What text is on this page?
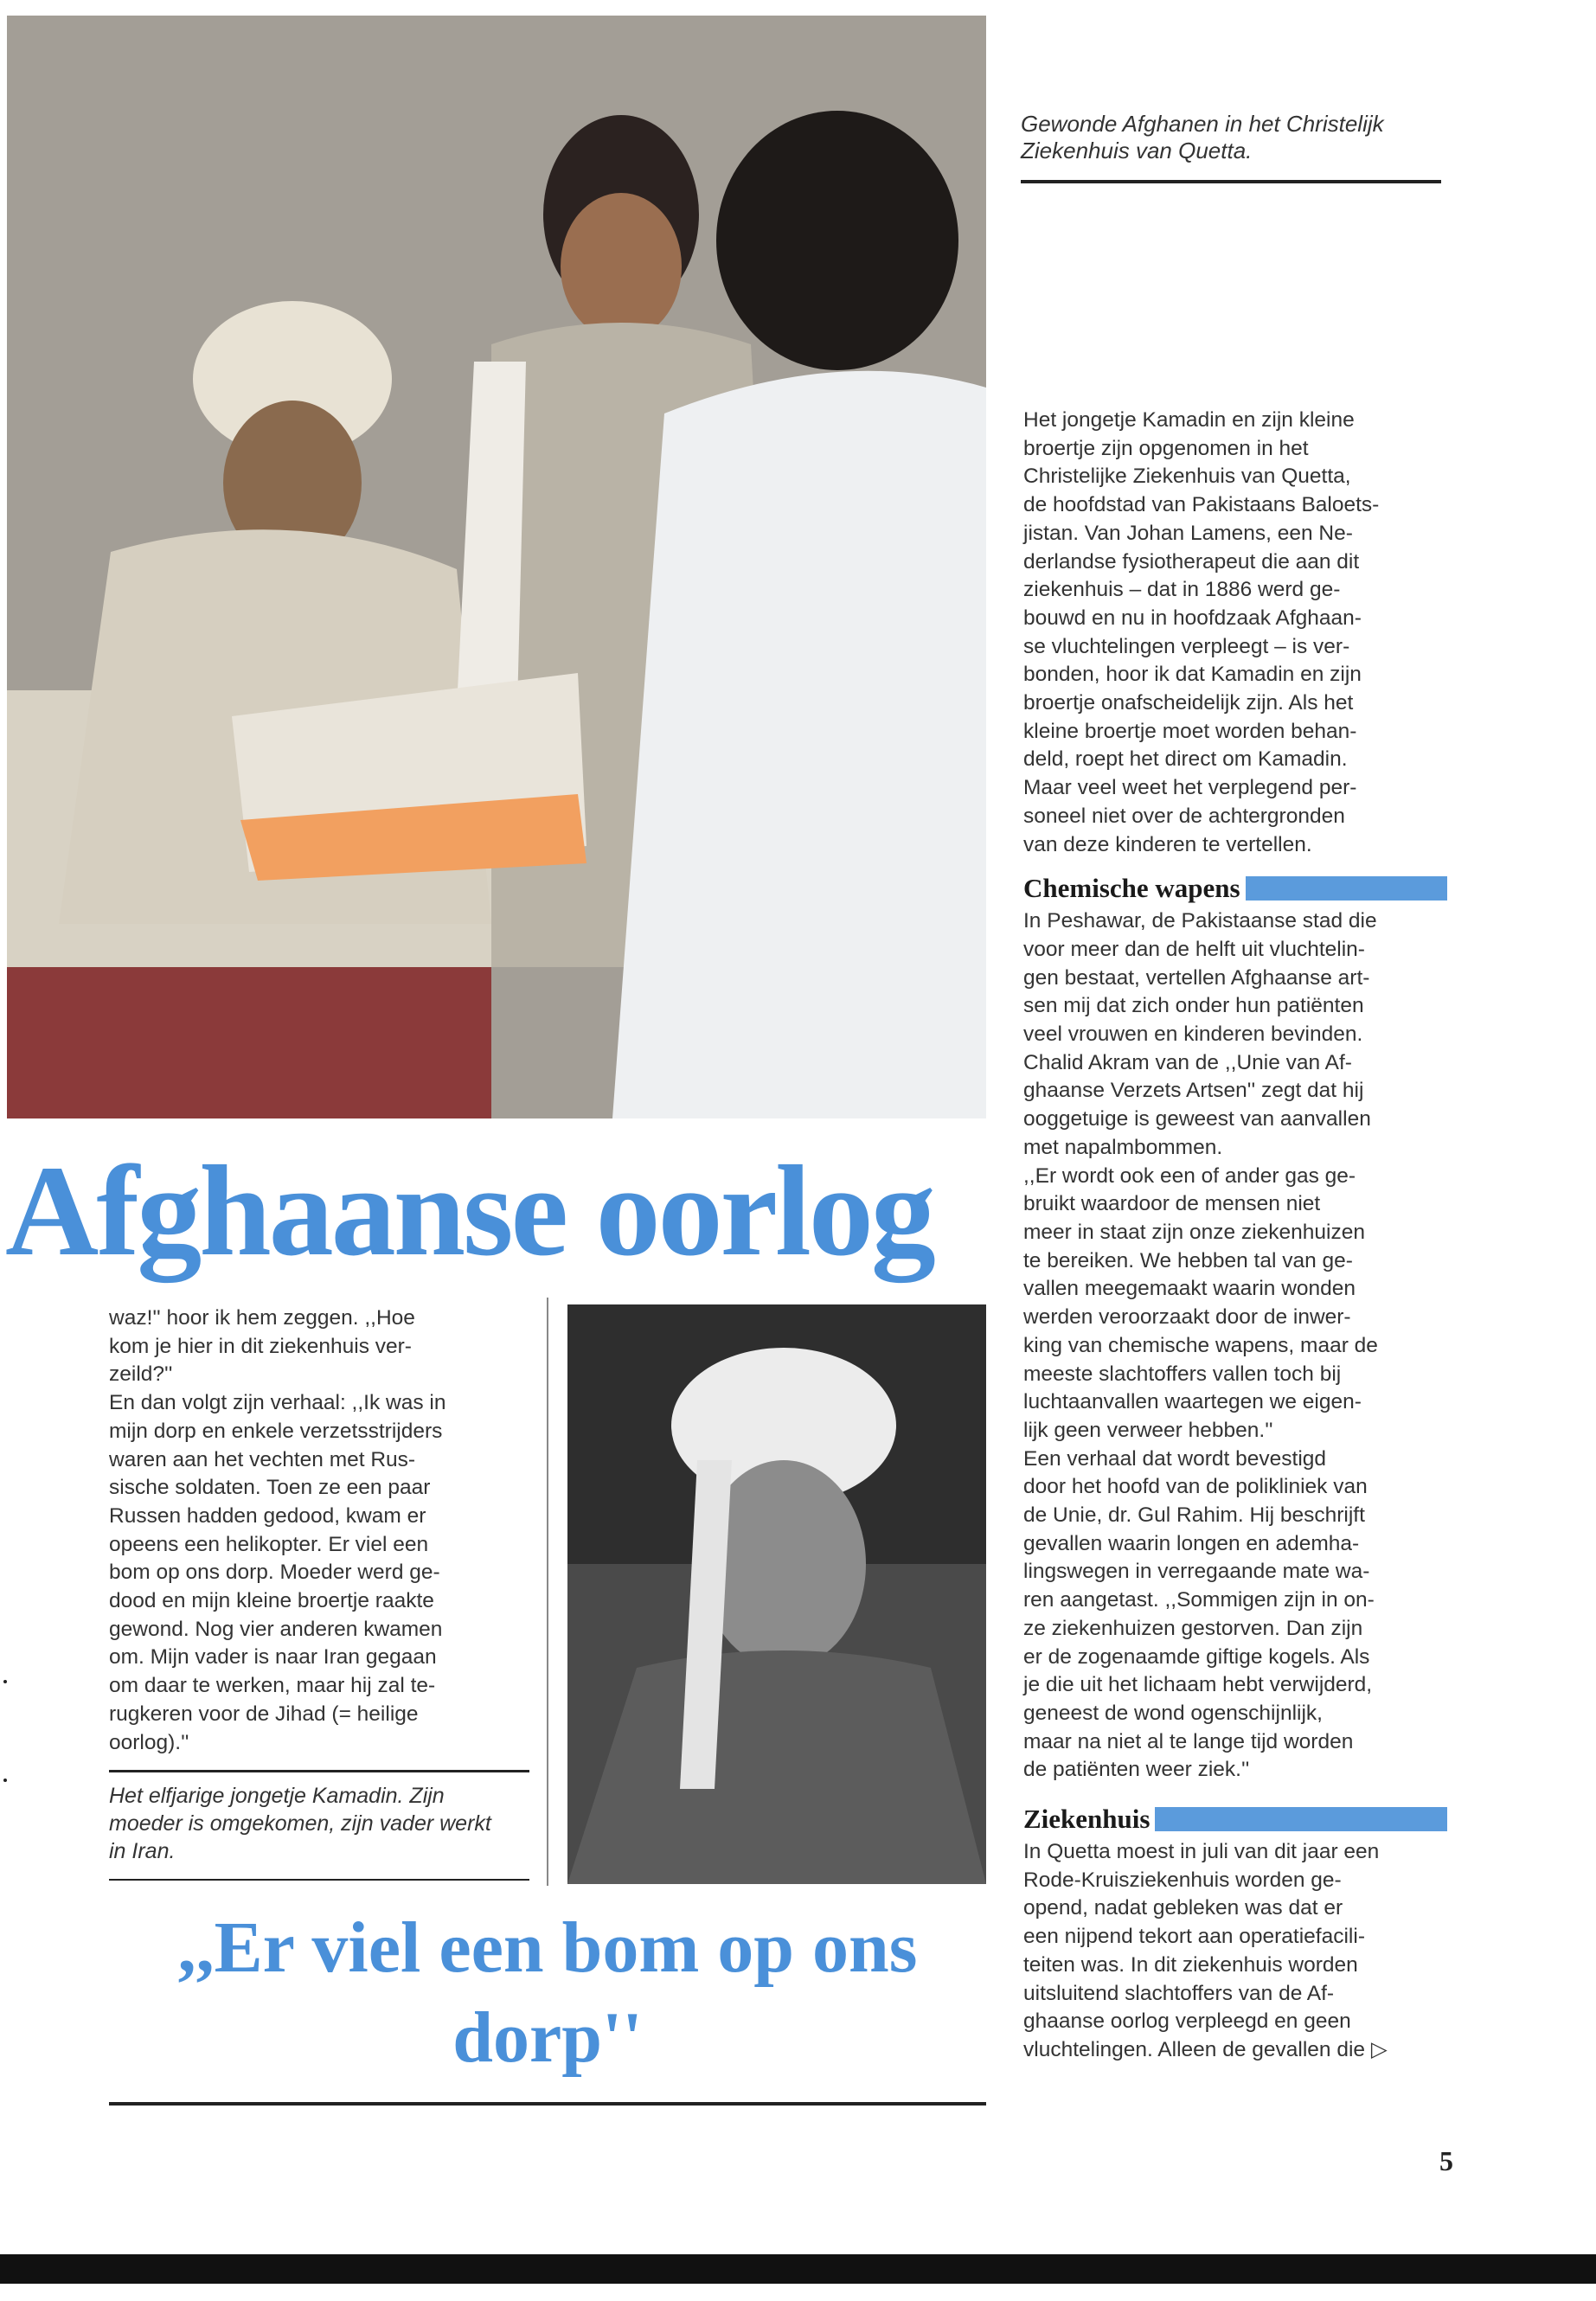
Gewonde Afghanen in het Christelijk Ziekenhuis van Quetta.

Het jongetje Kamadin en zijn kleine
broertje zijn opgenomen in het
Christelijke Ziekenhuis van Quetta,
de hoofdstad van Pakistaans Baloets-
jistan. Van Johan Lamens, een Ne-
derlandse fysiotherapeut die aan dit
ziekenhuis – dat in 1886 werd ge-
bouwd en nu in hoofdzaak Afghaan-
se vluchtelingen verpleegt – is ver-
bonden, hoor ik dat Kamadin en zijn
broertje onafscheidelijk zijn. Als het
kleine broertje moet worden behan-
deld, roept het direct om Kamadin.
Maar veel weet het verplegend per-
soneel niet over de achtergronden
van deze kinderen te vertellen.

Chemische wapens

In Peshawar, de Pakistaanse stad die
voor meer dan de helft uit vluchtelin-
gen bestaat, vertellen Afghaanse art-
sen mij dat zich onder hun patiënten
veel vrouwen en kinderen bevinden.
Chalid Akram van de ,,Unie van Af-
ghaanse Verzets Artsen'' zegt dat hij
ooggetuige is geweest van aanvallen
met napalmbommen.
,,Er wordt ook een of ander gas ge-
bruikt waardoor de mensen niet
meer in staat zijn onze ziekenhuizen
te bereiken. We hebben tal van ge-
vallen meegemaakt waarin wonden
werden veroorzaakt door de inwer-
king van chemische wapens, maar de
meeste slachtoffers vallen toch bij
luchtaanvallen waartegen we eigen-
lijk geen verweer hebben.''
Een verhaal dat wordt bevestigd
door het hoofd van de polikliniek van
de Unie, dr. Gul Rahim. Hij beschrijft
gevallen waarin longen en ademha-
lingswegen in verregaande mate wa-
ren aangetast. ,,Sommigen zijn in on-
ze ziekenhuizen gestorven. Dan zijn
er de zogenaamde giftige kogels. Als
je die uit het lichaam hebt verwijderd,
geneest de wond ogenschijnlijk,
maar na niet al te lange tijd worden
de patiënten weer ziek.''

Ziekenhuis

In Quetta moest in juli van dit jaar een
Rode-Kruisziekenhuis worden ge-
opend, nadat gebleken was dat er
een nijpend tekort aan operatiefacili-
teiten was. In dit ziekenhuis worden
uitsluitend slachtoffers van de Af-
ghaanse oorlog verpleegd en geen
vluchtelingen. Alleen de gevallen die ▷

Afghaanse oorlog

waz!'' hoor ik hem zeggen. ,,Hoe
kom je hier in dit ziekenhuis ver-
zeild?''
En dan volgt zijn verhaal: ,,Ik was in
mijn dorp en enkele verzetsstrijders
waren aan het vechten met Rus-
sische soldaten. Toen ze een paar
Russen hadden gedood, kwam er
opeens een helikopter. Er viel een
bom op ons dorp. Moeder werd ge-
dood en mijn kleine broertje raakte
gewond. Nog vier anderen kwamen
om. Mijn vader is naar Iran gegaan
om daar te werken, maar hij zal te-
rugkeren voor de Jihad (= heilige
oorlog).''

Het elfjarige jongetje Kamadin. Zijn moeder is omgekomen, zijn vader werkt in Iran.
,,Er viel een bom op ons dorp''
5
